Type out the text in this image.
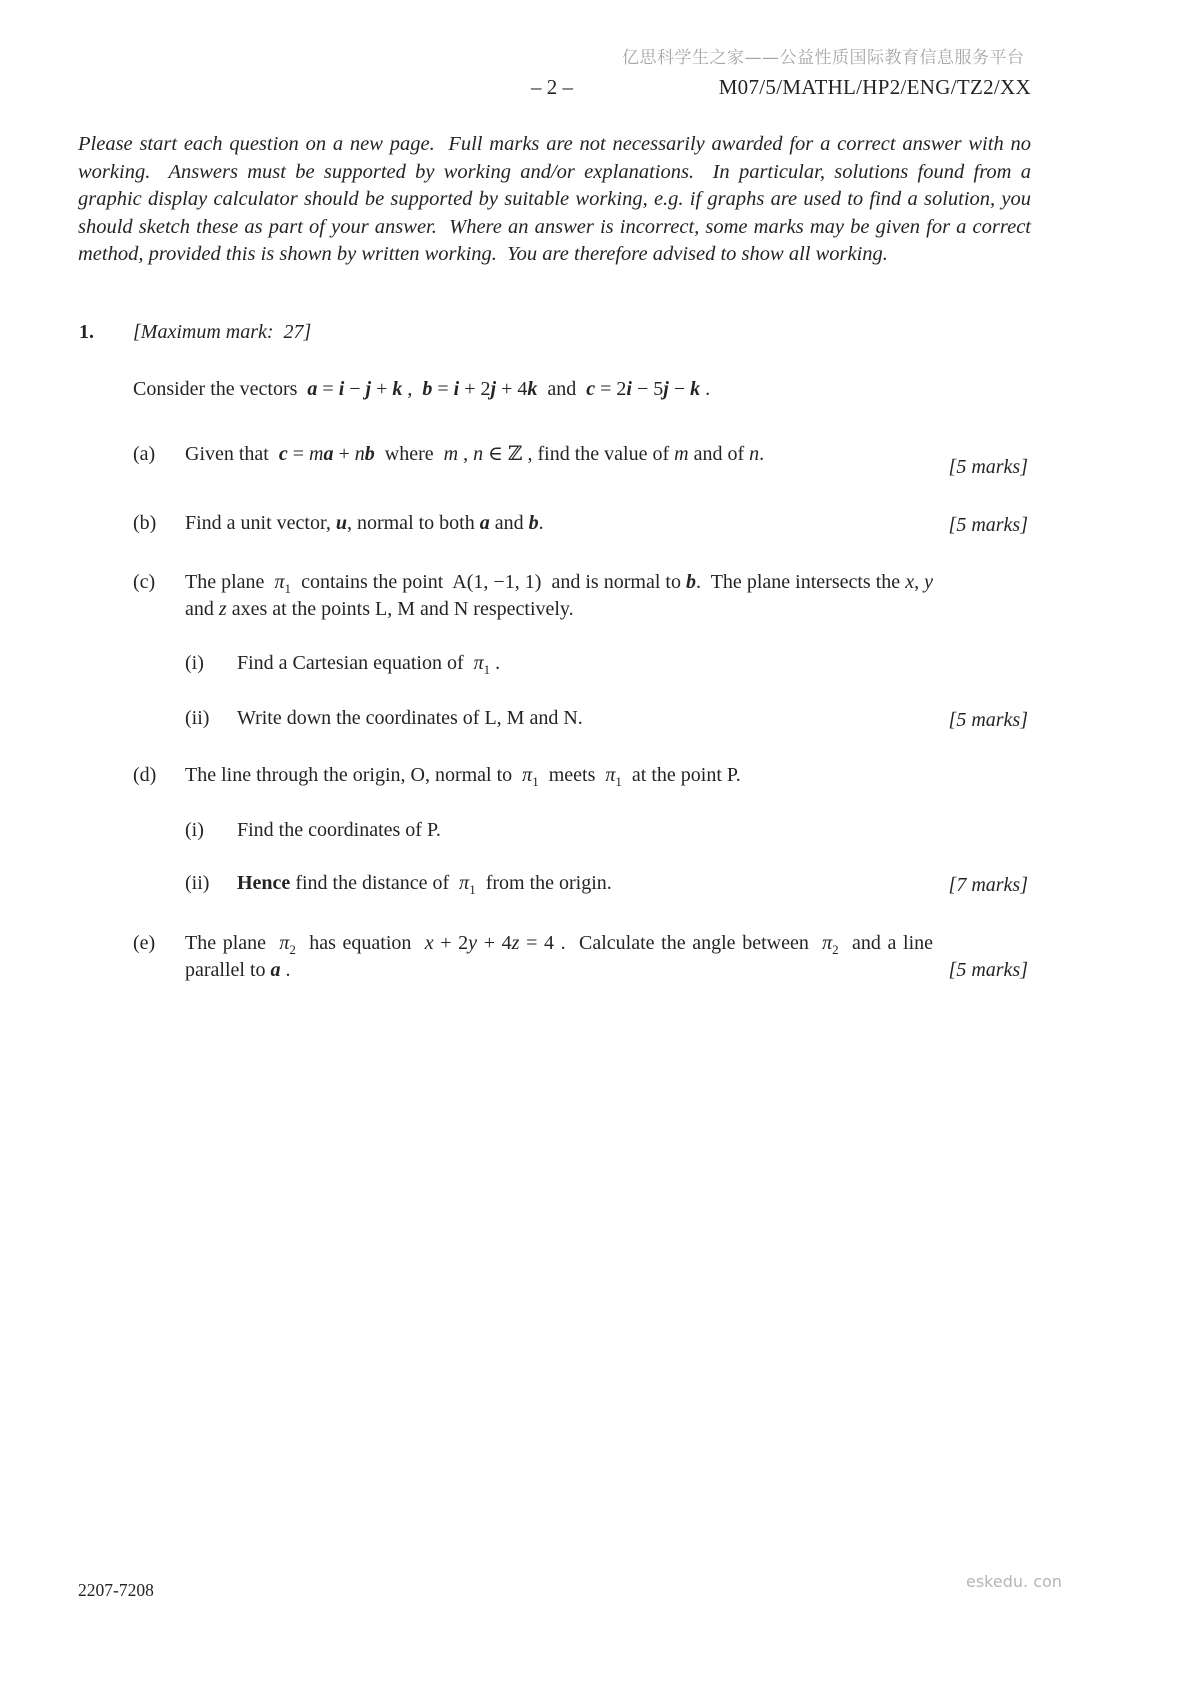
亿思科学生之家——公益性质国际教育信息服务平台
– 2 –	M07/5/MATHL/HP2/ENG/TZ2/XX
Please start each question on a new page.  Full marks are not necessarily awarded for a correct answer with no working.  Answers must be supported by working and/or explanations.  In particular, solutions found from a graphic display calculator should be supported by suitable working, e.g. if graphs are used to find a solution, you should sketch these as part of your answer.  Where an answer is incorrect, some marks may be given for a correct method, provided this is shown by written working.  You are therefore advised to show all working.
1. [Maximum mark:  27]
Consider the vectors  a = i − j + k ,  b = i + 2j + 4k  and  c = 2i − 5j − k .
(a) Given that  c = ma + nb  where  m , n ∈ ℤ , find the value of m and of n.
[5 marks]
(b) Find a unit vector, u, normal to both a and b.	[5 marks]
(c) The plane  $\pi_1$  contains the point  A(1, −1, 1)  and is normal to b.  The plane intersects the x, y and z axes at the points L, M and N respectively.
(i) Find a Cartesian equation of  $\pi_1$ .
(ii) Write down the coordinates of L, M and N.	[5 marks]
(d) The line through the origin, O, normal to  $\pi_1$  meets  $\pi_1$  at the point P.
(i) Find the coordinates of P.
(ii) Hence find the distance of  $\pi_1$  from the origin.	[7 marks]
(e) The plane  $\pi_2$  has equation  x + 2y + 4z = 4 .  Calculate the angle between  $\pi_2$  and a line parallel to a .	[5 marks]
2207-7208	eskedu. con
